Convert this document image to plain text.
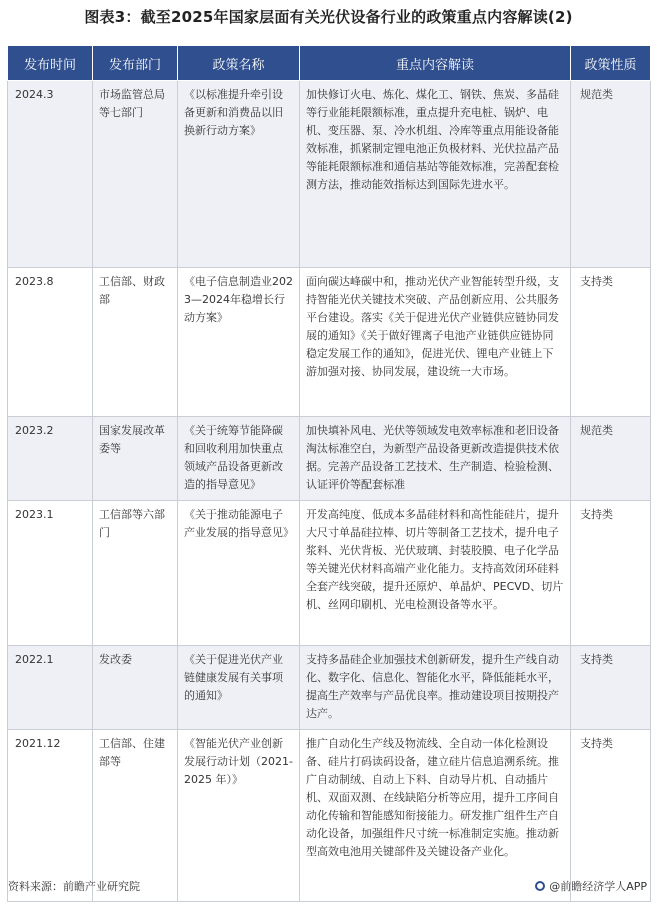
图表3：截至2025年国家层面有关光伏设备行业的政策重点内容解读(2)
发布时间	发布部门	政策名称	重点内容解读	政策性质
2024.3	市场监管总局等七部门	《以标准提升牵引设备更新和消费品以旧换新行动方案》	加快修订火电、炼化、煤化工、钢铁、焦炭、多晶硅等行业能耗限额标准，重点提升充电桩、锅炉、电机、变压器、泵、冷水机组、冷库等重点用能设备能效标准，抓紧制定锂电池正负极材料、光伏拉晶产品等能耗限额标准和通信基站等能效标准，完善配套检测方法，推动能效指标达到国际先进水平。	规范类
2023.8	工信部、财政部	《电子信息制造业2023—2024年稳增长行动方案》	面向碳达峰碳中和，推动光伏产业智能转型升级，支持智能光伏关键技术突破、产品创新应用、公共服务平台建设。落实《关于促进光伏产业链供应链协同发展的通知》《关于做好锂离子电池产业链供应链协同稳定发展工作的通知》，促进光伏、锂电产业链上下游加强对接、协同发展，建设统一大市场。	支持类
2023.2	国家发展改革委等	《关于统筹节能降碳和回收利用加快重点领域产品设备更新改造的指导意见》	加快填补风电、光伏等领域发电效率标准和老旧设备淘汰标准空白，为新型产品设备更新改造提供技术依据。完善产品设备工艺技术、生产制造、检验检测、认证评价等配套标准	规范类
2023.1	工信部等六部门	《关于推动能源电子产业发展的指导意见》	开发高纯度、低成本多晶硅材料和高性能硅片，提升大尺寸单晶硅拉棒、切片等制备工艺技术，提升电子浆料、光伏背板、光伏玻璃、封装胶膜、电子化学品等关键光伏材料高端产业化能力。支持高效闭环硅料全套产线突破，提升还原炉、单晶炉、PECVD、切片机、丝网印刷机、光电检测设备等水平。	支持类
2022.1	发改委	《关于促进光伏产业链健康发展有关事项的通知》	支持多晶硅企业加强技术创新研发，提升生产线自动化、数字化、信息化、智能化水平，降低能耗水平，提高生产效率与产品优良率。推动建设项目按期投产达产。	支持类
2021.12	工信部、住建部等	《智能光伏产业创新发展行动计划（2021-2025 年）》	推广自动化生产线及物流线、全自动一体化检测设备、硅片打码读码设备，建立硅片信息追溯系统。推广自动制绒、自动上下料、自动导片机、自动插片机、双面双测、在线缺陷分析等应用，提升工序间自动化传输和智能感知衔接能力。研发推广组件生产自动化设备，加强组件尺寸统一标准制定实施。推动新型高效电池用关键部件及关键设备产业化。	支持类
资料来源：前瞻产业研究院	@前瞻经济学人APP
